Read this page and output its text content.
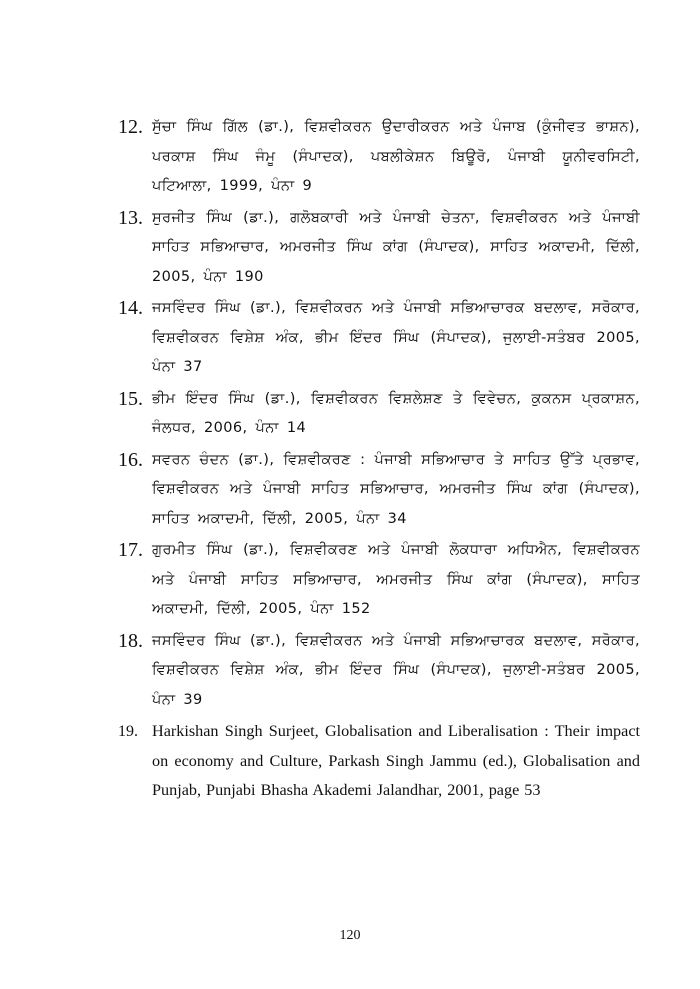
12. ਸੁੱਚਾ ਸਿੰਘ ਗਿੱਲ (ਡਾ.), ਵਿਸ਼ਵੀਕਰਨ ਉਦਾਰੀਕਰਨ ਅਤੇ ਪੰਜਾਬ (ਕੁੰਜੀਵਤ ਭਾਸ਼ਨ), ਪਰਕਾਸ਼ ਸਿੰਘ ਜੰਮੂ (ਸੰਪਾਦਕ), ਪਬਲੀਕੇਸ਼ਨ ਬਿਊਰੋ, ਪੰਜਾਬੀ ਯੂਨੀਵਰਸਿਟੀ, ਪਟਿਆਲਾ, 1999, ਪੰਨਾ 9
13. ਸੁਰਜੀਤ ਸਿੰਘ (ਡਾ.), ਗਲੋਬਕਾਰੀ ਅਤੇ ਪੰਜਾਬੀ ਚੇਤਨਾ, ਵਿਸ਼ਵੀਕਰਨ ਅਤੇ ਪੰਜਾਬੀ ਸਾਹਿਤ ਸਭਿਆਚਾਰ, ਅਮਰਜੀਤ ਸਿੰਘ ਕਾਂਗ (ਸੰਪਾਦਕ), ਸਾਹਿਤ ਅਕਾਦਮੀ, ਦਿੱਲੀ, 2005, ਪੰਨਾ 190
14. ਜਸਵਿੰਦਰ ਸਿੰਘ (ਡਾ.), ਵਿਸ਼ਵੀਕਰਨ ਅਤੇ ਪੰਜਾਬੀ ਸਭਿਆਚਾਰਕ ਬਦਲਾਵ, ਸਰੋਕਾਰ, ਵਿਸ਼ਵੀਕਰਨ ਵਿਸ਼ੇਸ਼ ਅੰਕ, ਭੀਮ ਇੰਦਰ ਸਿੰਘ (ਸੰਪਾਦਕ), ਜੁਲਾਈ-ਸਤੰਬਰ 2005, ਪੰਨਾ 37
15. ਭੀਮ ਇੰਦਰ ਸਿੰਘ (ਡਾ.), ਵਿਸ਼ਵੀਕਰਨ ਵਿਸ਼ਲੇਸ਼ਣ ਤੇ ਵਿਵੇਚਨ, ਕੁਕਨਸ ਪ੍ਰਕਾਸ਼ਨ, ਜੰਲਧਰ, 2006, ਪੰਨਾ 14
16. ਸਵਰਨ ਚੰਦਨ (ਡਾ.), ਵਿਸ਼ਵੀਕਰਣ : ਪੰਜਾਬੀ ਸਭਿਆਚਾਰ ਤੇ ਸਾਹਿਤ ਉੱਤੇ ਪ੍ਰਭਾਵ, ਵਿਸ਼ਵੀਕਰਨ ਅਤੇ ਪੰਜਾਬੀ ਸਾਹਿਤ ਸਭਿਆਚਾਰ, ਅਮਰਜੀਤ ਸਿੰਘ ਕਾਂਗ (ਸੰਪਾਦਕ), ਸਾਹਿਤ ਅਕਾਦਮੀ, ਦਿੱਲੀ, 2005, ਪੰਨਾ 34
17. ਗੁਰਮੀਤ ਸਿੰਘ (ਡਾ.), ਵਿਸ਼ਵੀਕਰਣ ਅਤੇ ਪੰਜਾਬੀ ਲੋਕਧਾਰਾ ਅਧਿਐਨ, ਵਿਸ਼ਵੀਕਰਨ ਅਤੇ ਪੰਜਾਬੀ ਸਾਹਿਤ ਸਭਿਆਚਾਰ, ਅਮਰਜੀਤ ਸਿੰਘ ਕਾਂਗ (ਸੰਪਾਦਕ), ਸਾਹਿਤ ਅਕਾਦਮੀ, ਦਿੱਲੀ, 2005, ਪੰਨਾ 152
18. ਜਸਵਿੰਦਰ ਸਿੰਘ (ਡਾ.), ਵਿਸ਼ਵੀਕਰਨ ਅਤੇ ਪੰਜਾਬੀ ਸਭਿਆਚਾਰਕ ਬਦਲਾਵ, ਸਰੋਕਾਰ, ਵਿਸ਼ਵੀਕਰਨ ਵਿਸ਼ੇਸ਼ ਅੰਕ, ਭੀਮ ਇੰਦਰ ਸਿੰਘ (ਸੰਪਾਦਕ), ਜੁਲਾਈ-ਸਤੰਬਰ 2005, ਪੰਨਾ 39
19. Harkishan Singh Surjeet, Globalisation and Liberalisation : Their impact on economy and Culture, Parkash Singh Jammu (ed.), Globalisation and Punjab, Punjabi Bhasha Akademi Jalandhar, 2001, page 53
120
